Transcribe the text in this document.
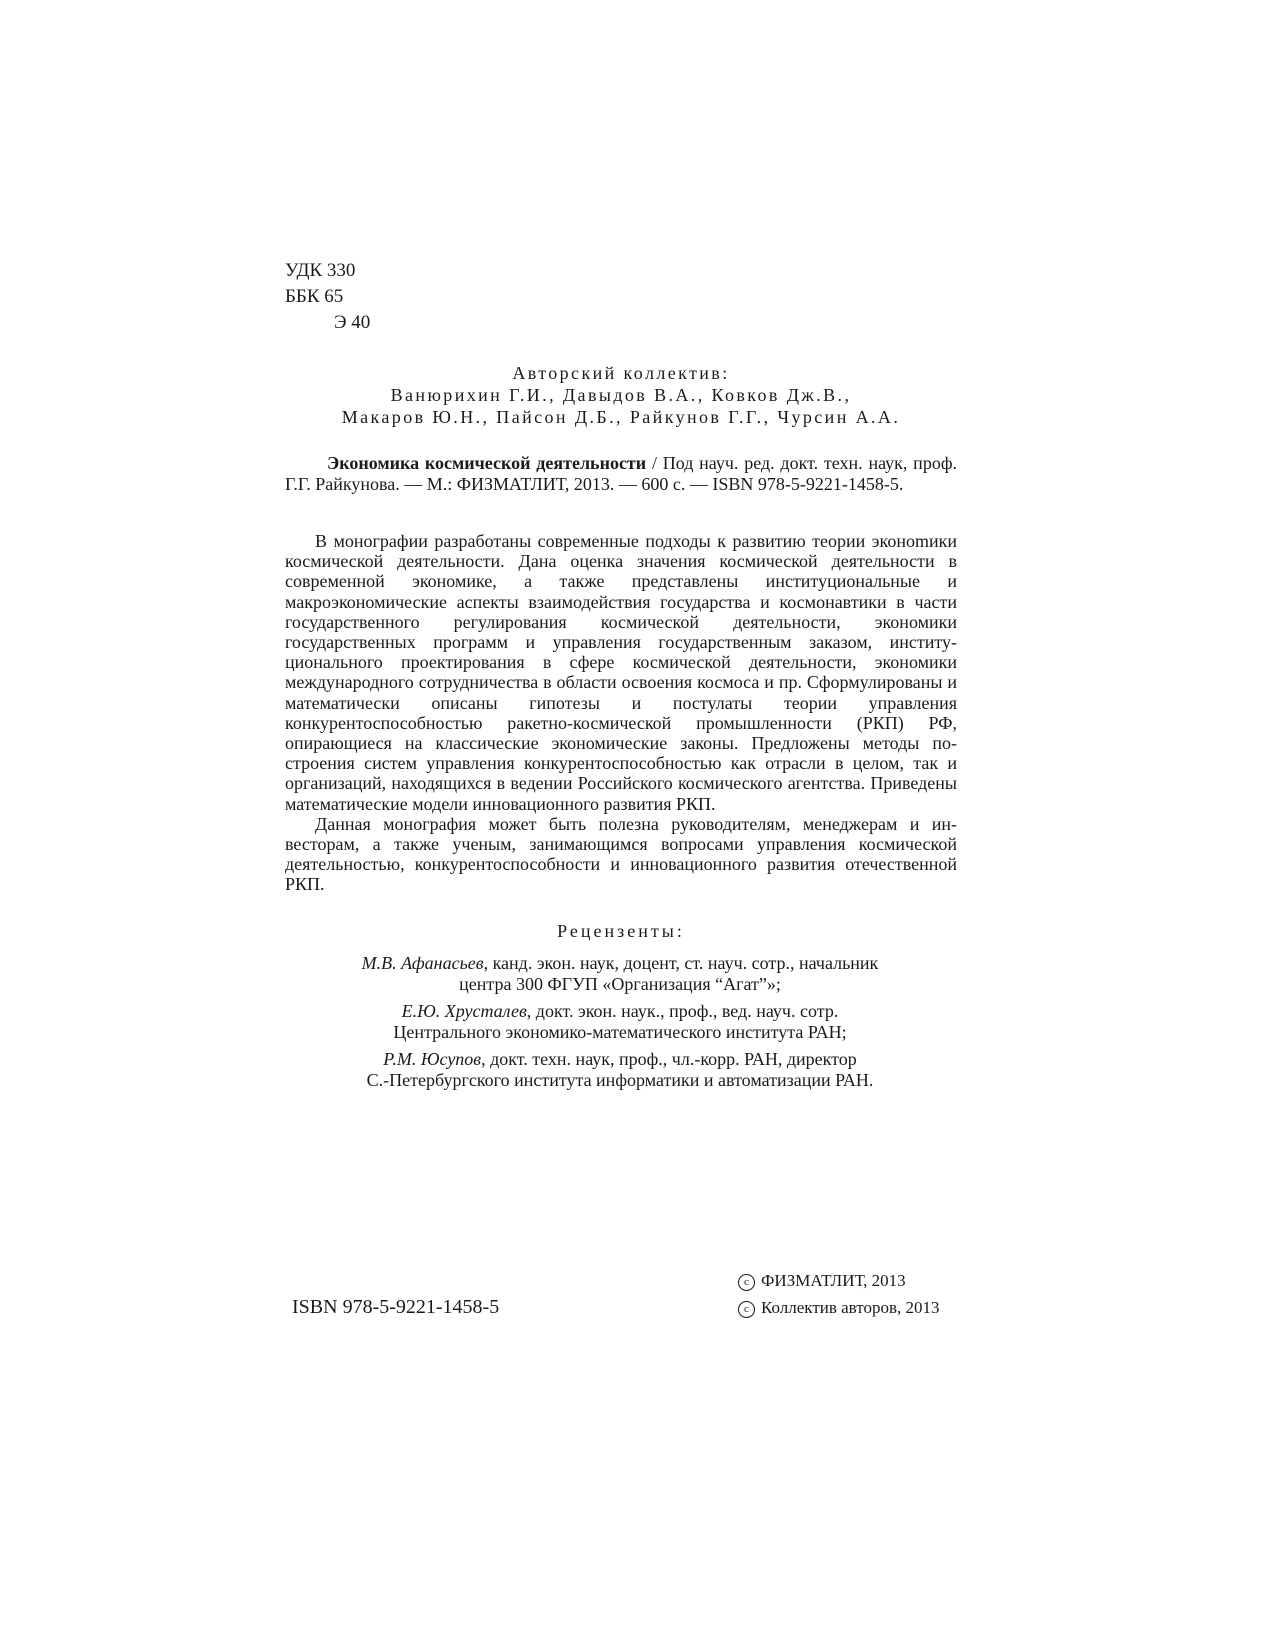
УДК 330
ББК 65
Э 40
Авторский коллектив:
Ванюрихин Г.И., Давыдов В.А., Ковков Дж.В.,
Макаров Ю.Н., Пайсон Д.Б., Райкунов Г.Г., Чурсин А.А.

Экономика космической деятельности / Под науч. ред. докт. техн. наук, проф. Г.Г. Райкунова. — М.: ФИЗМАТЛИТ, 2013. — 600 с. — ISBN 978-5-9221-1458-5.

В монографии разработаны современные подходы к развитию теории эконоmики космической деятельности. Дана оценка значения космической деятельности в современной экономике, а также представлены институциональные и макроэкономические аспекты взаимодействия государства и космонавтики в части государственного регулирования космической деятельности, экономики государственных программ и управления государственным заказом, институционального проектирования в сфере космической деятельности, экономики международного сотрудничества в области освоения космоса и пр. Сформулированы и математически описаны гипотезы и постулаты теории управления конкурентоспособностью ракетно-космической промышленности (РКП) РФ, опирающиеся на классические экономические законы. Предложены методы построения систем управления конкурентоспособностью как отрасли в целом, так и организаций, находящихся в ведении Российского космического агентства. Приведены математические модели инновационного развития РКП.

Данная монография может быть полезна руководителям, менеджерам и инвесторам, а также ученым, занимающимся вопросами управления космической деятельностью, конкурентоспособности и инновационного развития отечественной РКП.

Рецензенты:
М.В. Афанасьев, канд. экон. наук, доцент, ст. науч. сотр., начальник
центра 300 ФГУП «Организация “Агат”»;
Е.Ю. Хрусталев, докт. экон. наук., проф., вед. науч. сотр.
Центрального экономико-математического института РАН;
Р.М. Юсупов, докт. техн. наук, проф., чл.-корр. РАН, директор
С.-Петербургского института информатики и автоматизации РАН.
ISBN 978-5-9221-1458-5
c ФИЗМАТЛИТ, 2013
c Коллектив авторов, 2013
